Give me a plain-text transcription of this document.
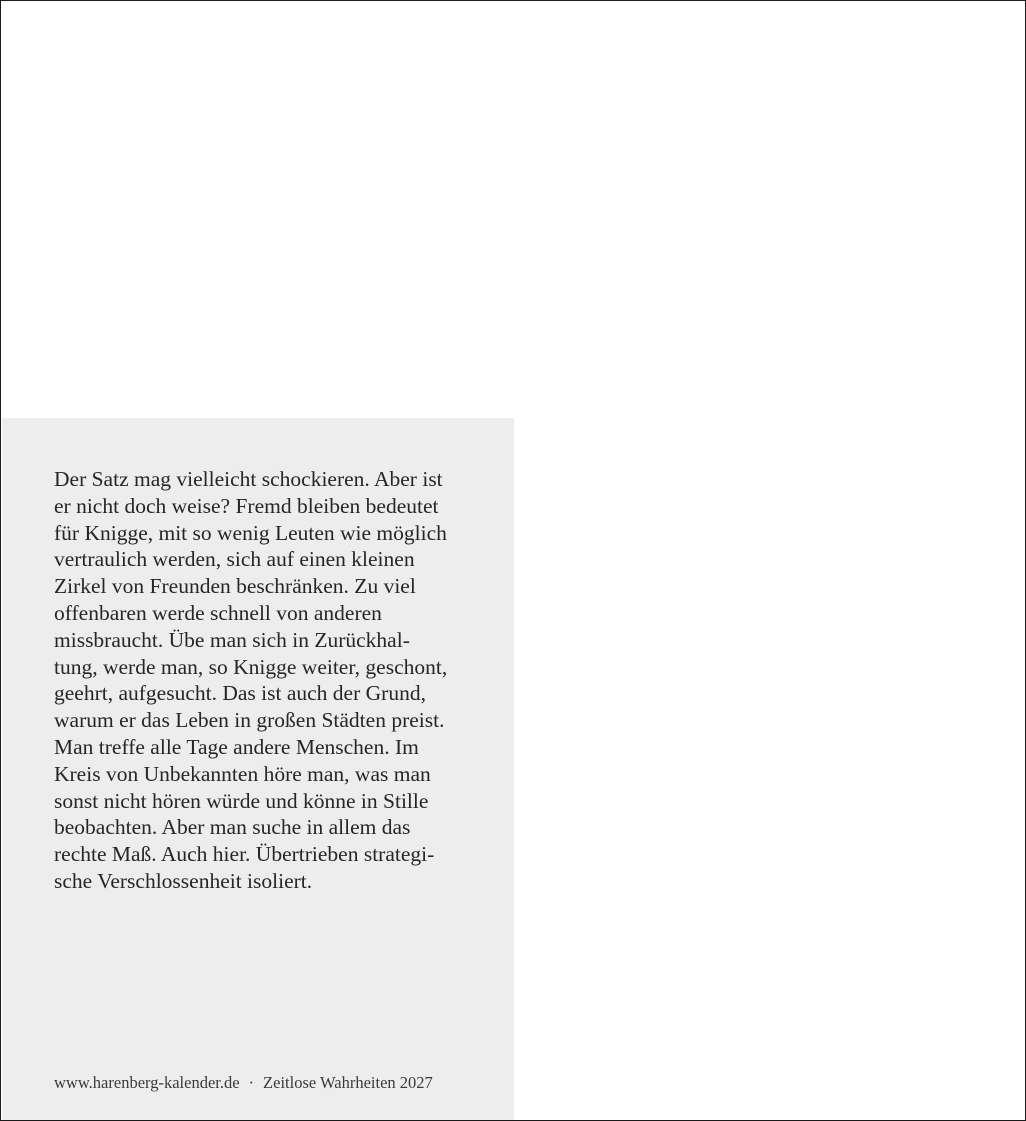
Der Satz mag vielleicht schockieren. Aber ist
er nicht doch weise? Fremd bleiben bedeutet
für Knigge, mit so wenig Leuten wie möglich
vertraulich werden, sich auf einen kleinen
Zirkel von Freunden beschränken. Zu viel
offenbaren werde schnell von anderen
missbraucht. Übe man sich in Zurückhal-
tung, werde man, so Knigge weiter, geschont,
geehrt, aufgesucht. Das ist auch der Grund,
warum er das Leben in großen Städten preist.
Man treffe alle Tage andere Menschen. Im
Kreis von Unbekannten höre man, was man
sonst nicht hören würde und könne in Stille
beobachten. Aber man suche in allem das
rechte Maß. Auch hier. Übertrieben strategi-
sche Verschlossenheit isoliert.

www.harenberg-kalender.de · Zeitlose Wahrheiten 2027
